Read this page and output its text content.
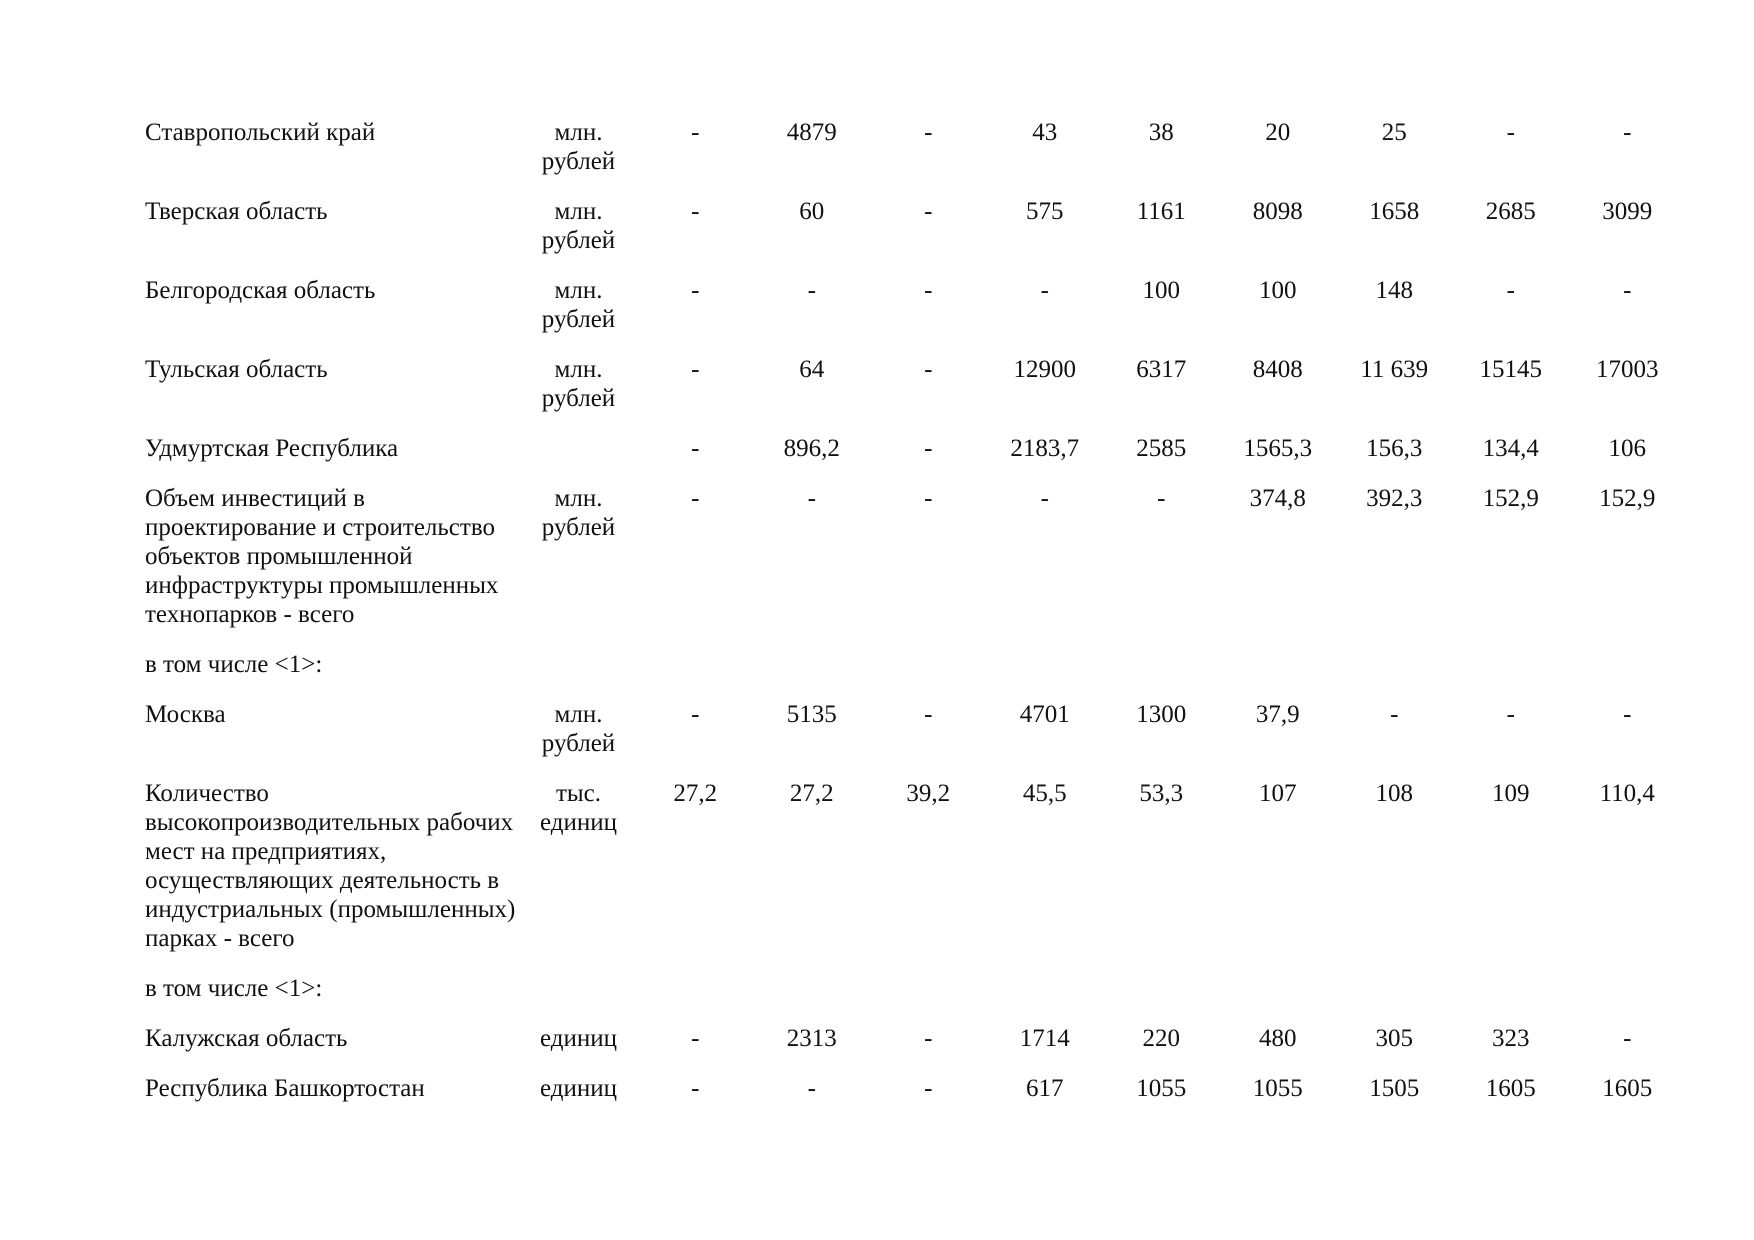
Ставропольский край	млн. рублей	-	4879	-	43	38	20	25	-	-
Тверская область	млн. рублей	-	60	-	575	1161	8098	1658	2685	3099
Белгородская область	млн. рублей	-	-	-	-	100	100	148	-	-
Тульская область	млн. рублей	-	64	-	12900	6317	8408	11 639	15145	17003
Удмуртская Республика		-	896,2	-	2183,7	2585	1565,3	156,3	134,4	106
Объем инвестиций в проектирование и строительство объектов промышленной инфраструктуры промышленных технопарков - всего	млн. рублей	-	-	-	-	-	374,8	392,3	152,9	152,9
в том числе <1>:										
Москва	млн. рублей	-	5135	-	4701	1300	37,9	-	-	-
Количество высокопроизводительных рабочих мест на предприятиях, осуществляющих деятельность в индустриальных (промышленных) парках - всего	тыс. единиц	27,2	27,2	39,2	45,5	53,3	107	108	109	110,4
в том числе <1>:										
Калужская область	единиц	-	2313	-	1714	220	480	305	323	-
Республика Башкортостан	единиц	-	-	-	617	1055	1055	1505	1605	1605
